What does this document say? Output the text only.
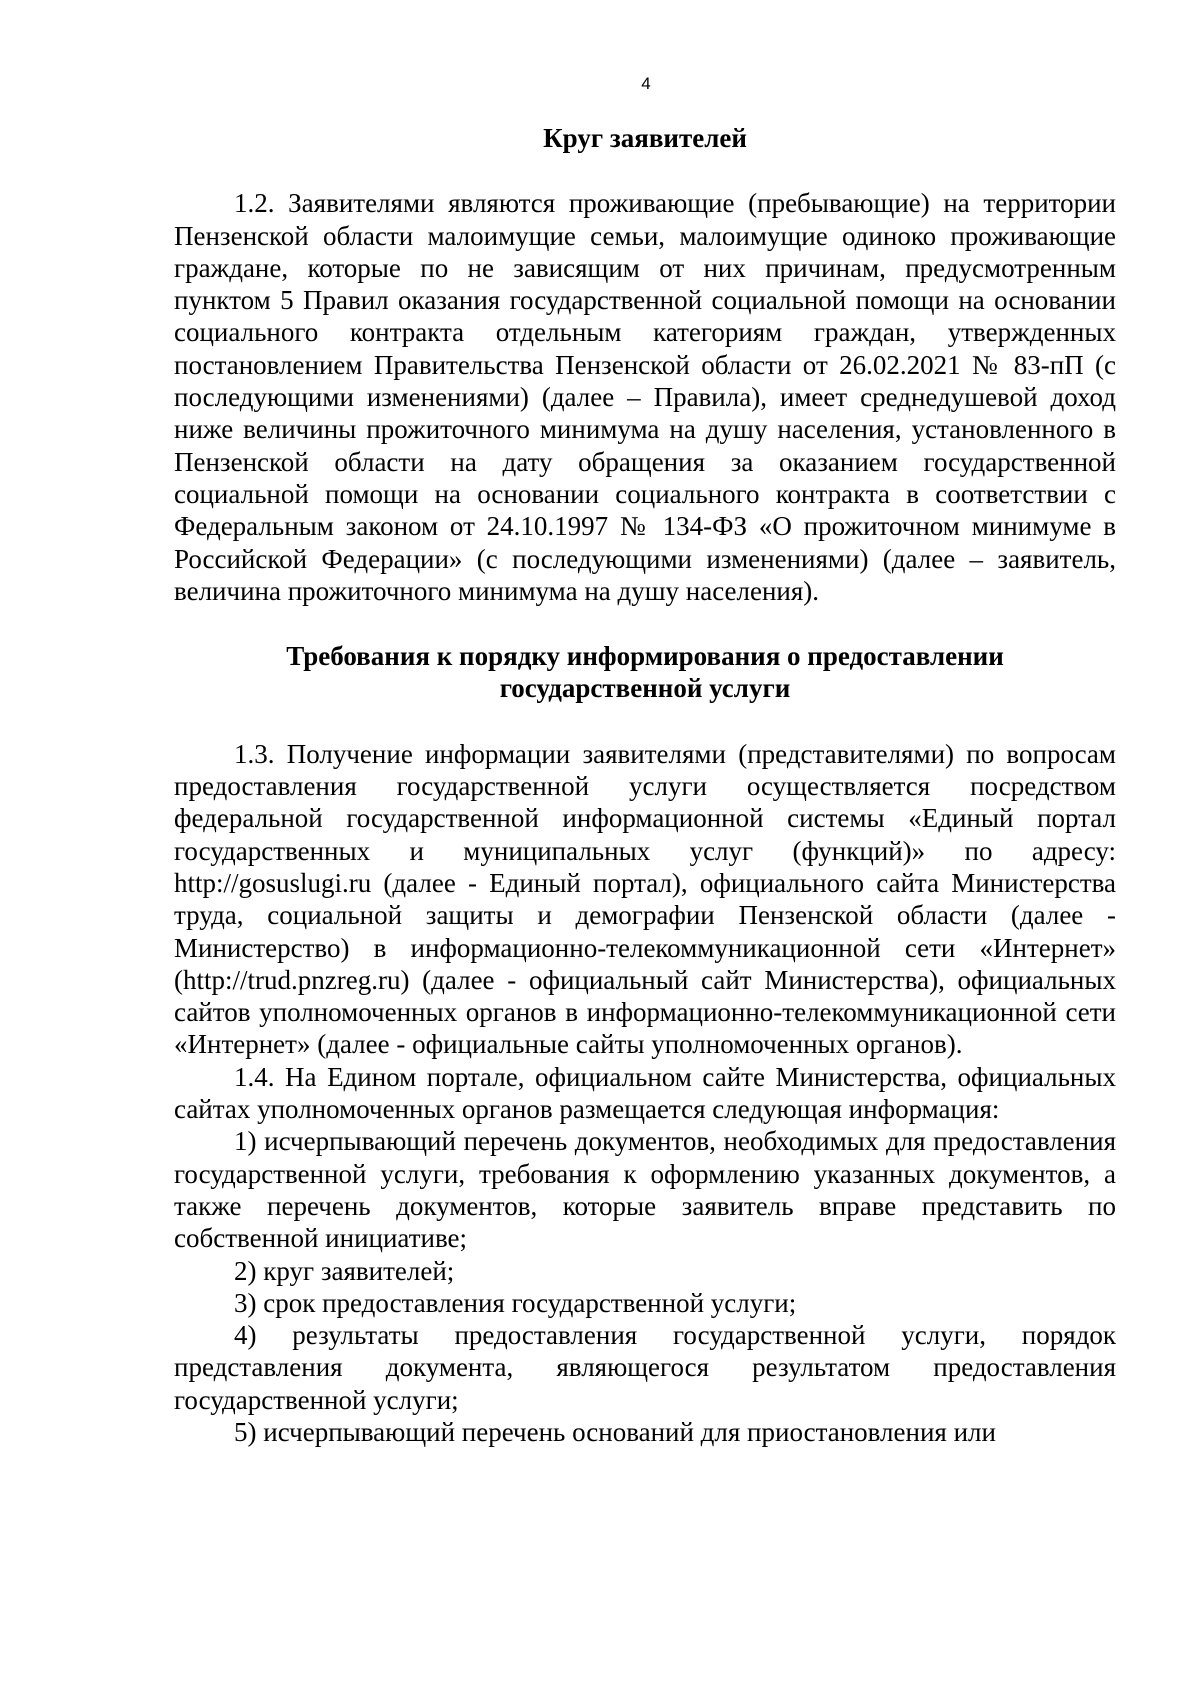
4

Круг заявителей

1.2. Заявителями являются проживающие (пребывающие) на территории Пензенской области малоимущие семьи, малоимущие одиноко проживающие граждане, которые по не зависящим от них причинам, предусмотренным пунктом 5 Правил оказания государственной социальной помощи на основании социального контракта отдельным категориям граждан, утвержденных постановлением Правительства Пензенской области от 26.02.2021 № 83-пП (с последующими изменениями) (далее – Правила), имеет среднедушевой доход ниже величины прожиточного минимума на душу населения, установленного в Пензенской области на дату обращения за оказанием государственной социальной помощи на основании социального контракта в соответствии с Федеральным законом от 24.10.1997 № 134-ФЗ «О прожиточном минимуме в Российской Федерации» (с последующими изменениями) (далее – заявитель, величина прожиточного минимума на душу населения).

Требования к порядку информирования о предоставлении
государственной услуги

1.3. Получение информации заявителями (представителями) по вопросам предоставления государственной услуги осуществляется посредством федеральной государственной информационной системы «Единый портал государственных и муниципальных услуг (функций)» по адресу: http://gosuslugi.ru (далее - Единый портал), официального сайта Министерства труда, социальной защиты и демографии Пензенской области (далее - Министерство) в информационно-телекоммуникационной сети «Интернет» (http://trud.pnzreg.ru) (далее - официальный сайт Министерства), официальных сайтов уполномоченных органов в информационно-телекоммуникационной сети «Интернет» (далее - официальные сайты уполномоченных органов).

1.4. На Едином портале, официальном сайте Министерства, официальных сайтах уполномоченных органов размещается следующая информация:

1) исчерпывающий перечень документов, необходимых для предоставления государственной услуги, требования к оформлению указанных документов, а также перечень документов, которые заявитель вправе представить по собственной инициативе;

2) круг заявителей;

3) срок предоставления государственной услуги;

4) результаты предоставления государственной услуги, порядок представления документа, являющегося результатом предоставления государственной услуги;

5) исчерпывающий перечень оснований для приостановления или
